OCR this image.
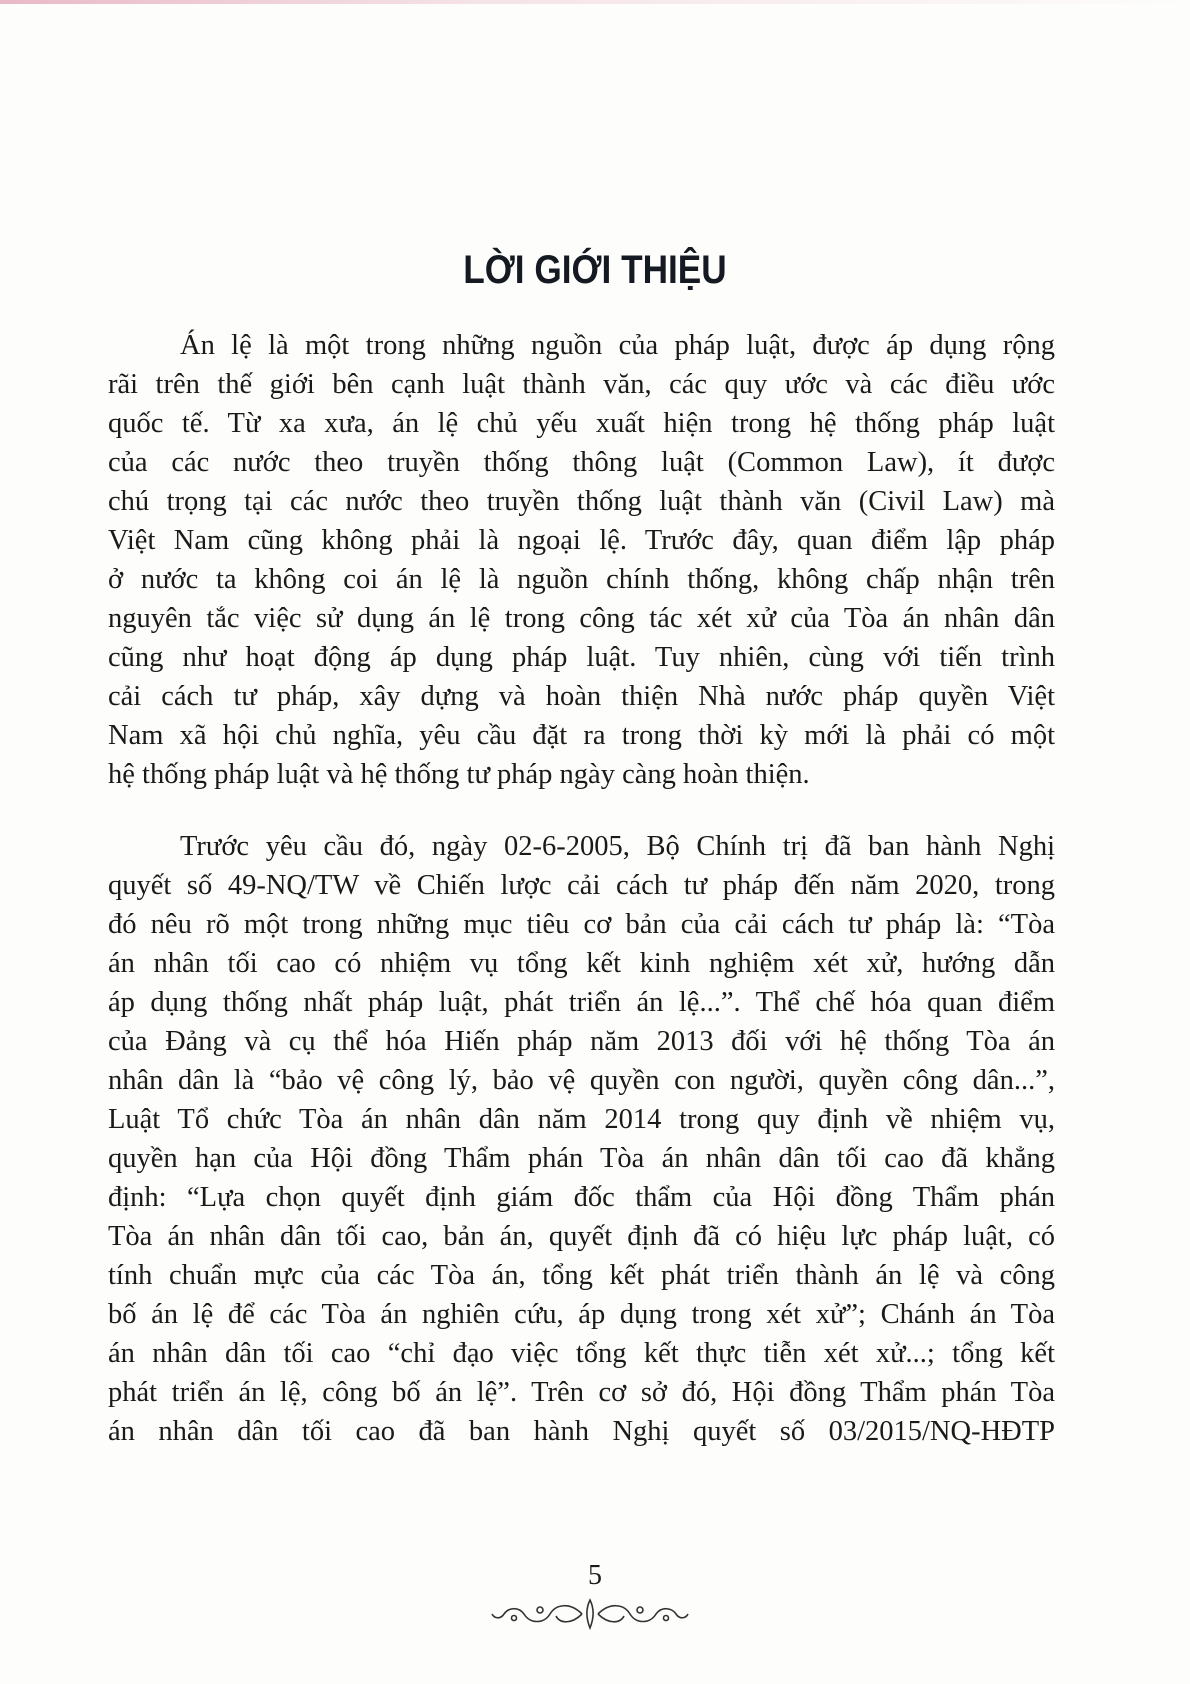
LỜI GIỚI THIỆU
Án lệ là một trong những nguồn của pháp luật, được áp dụng rộng
rãi trên thế giới bên cạnh luật thành văn, các quy ước và các điều ước
quốc tế. Từ xa xưa, án lệ chủ yếu xuất hiện trong hệ thống pháp luật
của các nước theo truyền thống thông luật (Common Law), ít được
chú trọng tại các nước theo truyền thống luật thành văn (Civil Law) mà
Việt Nam cũng không phải là ngoại lệ. Trước đây, quan điểm lập pháp
ở nước ta không coi án lệ là nguồn chính thống, không chấp nhận trên
nguyên tắc việc sử dụng án lệ trong công tác xét xử của Tòa án nhân dân
cũng như hoạt động áp dụng pháp luật. Tuy nhiên, cùng với tiến trình
cải cách tư pháp, xây dựng và hoàn thiện Nhà nước pháp quyền Việt
Nam xã hội chủ nghĩa, yêu cầu đặt ra trong thời kỳ mới là phải có một
hệ thống pháp luật và hệ thống tư pháp ngày càng hoàn thiện.
Trước yêu cầu đó, ngày 02-6-2005, Bộ Chính trị đã ban hành Nghị
quyết số 49-NQ/TW về Chiến lược cải cách tư pháp đến năm 2020, trong
đó nêu rõ một trong những mục tiêu cơ bản của cải cách tư pháp là: “Tòa
án nhân tối cao có nhiệm vụ tổng kết kinh nghiệm xét xử, hướng dẫn
áp dụng thống nhất pháp luật, phát triển án lệ...”. Thể chế hóa quan điểm
của Đảng và cụ thể hóa Hiến pháp năm 2013 đối với hệ thống Tòa án
nhân dân là “bảo vệ công lý, bảo vệ quyền con người, quyền công dân...”,
Luật Tổ chức Tòa án nhân dân năm 2014 trong quy định về nhiệm vụ,
quyền hạn của Hội đồng Thẩm phán Tòa án nhân dân tối cao đã khẳng
định: “Lựa chọn quyết định giám đốc thẩm của Hội đồng Thẩm phán
Tòa án nhân dân tối cao, bản án, quyết định đã có hiệu lực pháp luật, có
tính chuẩn mực của các Tòa án, tổng kết phát triển thành án lệ và công
bố án lệ để các Tòa án nghiên cứu, áp dụng trong xét xử”; Chánh án Tòa
án nhân dân tối cao “chỉ đạo việc tổng kết thực tiễn xét xử...; tổng kết
phát triển án lệ, công bố án lệ”. Trên cơ sở đó, Hội đồng Thẩm phán Tòa
án nhân dân tối cao đã ban hành Nghị quyết số 03/2015/NQ-HĐTP
5
